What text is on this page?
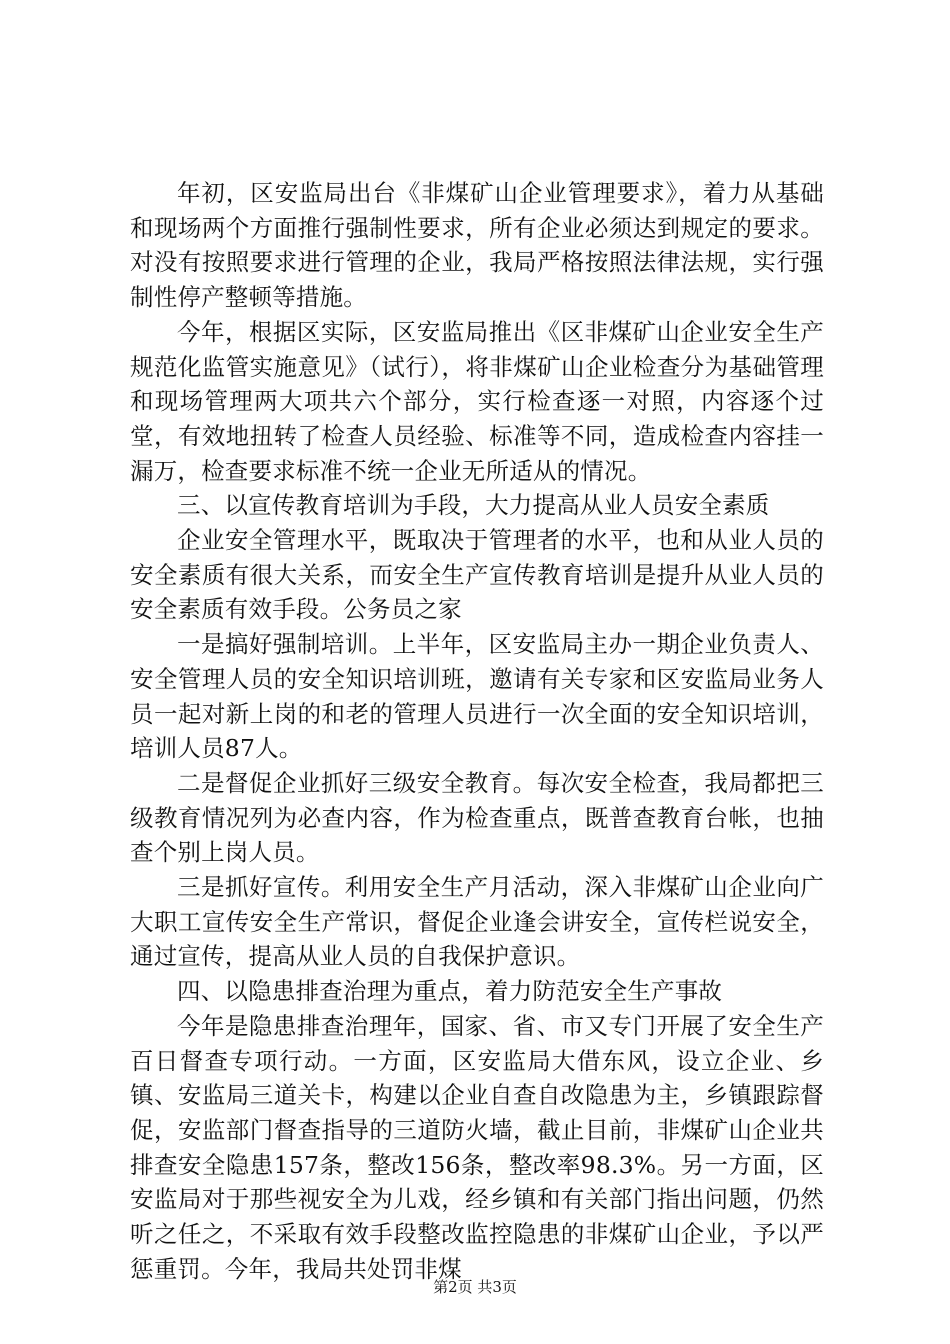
年初，区安监局出台《非煤矿山企业管理要求》，着力从基础和现场两个方面推行强制性要求，所有企业必须达到规定的要求。对没有按照要求进行管理的企业，我局严格按照法律法规，实行强制性停产整顿等措施。

今年，根据区实际，区安监局推出《区非煤矿山企业安全生产规范化监管实施意见》（试行），将非煤矿山企业检查分为基础管理和现场管理两大项共六个部分，实行检查逐一对照，内容逐个过堂，有效地扭转了检查人员经验、标准等不同，造成检查内容挂一漏万，检查要求标准不统一企业无所适从的情况。

三、以宣传教育培训为手段，大力提高从业人员安全素质

企业安全管理水平，既取决于管理者的水平，也和从业人员的安全素质有很大关系，而安全生产宣传教育培训是提升从业人员的安全素质有效手段。公务员之家

一是搞好强制培训。上半年，区安监局主办一期企业负责人、安全管理人员的安全知识培训班，邀请有关专家和区安监局业务人员一起对新上岗的和老的管理人员进行一次全面的安全知识培训，培训人员87人。

二是督促企业抓好三级安全教育。每次安全检查，我局都把三级教育情况列为必查内容，作为检查重点，既普查教育台帐，也抽查个别上岗人员。

三是抓好宣传。利用安全生产月活动，深入非煤矿山企业向广大职工宣传安全生产常识，督促企业逢会讲安全，宣传栏说安全，通过宣传，提高从业人员的自我保护意识。

四、以隐患排查治理为重点，着力防范安全生产事故

今年是隐患排查治理年，国家、省、市又专门开展了安全生产百日督查专项行动。一方面，区安监局大借东风，设立企业、乡镇、安监局三道关卡，构建以企业自查自改隐患为主，乡镇跟踪督促，安监部门督查指导的三道防火墙，截止目前，非煤矿山企业共排查安全隐患157条，整改156条，整改率98.3%。另一方面，区安监局对于那些视安全为儿戏，经乡镇和有关部门指出问题，仍然听之任之，不采取有效手段整改监控隐患的非煤矿山企业，予以严惩重罚。今年，我局共处罚非煤

第2页 共3页
